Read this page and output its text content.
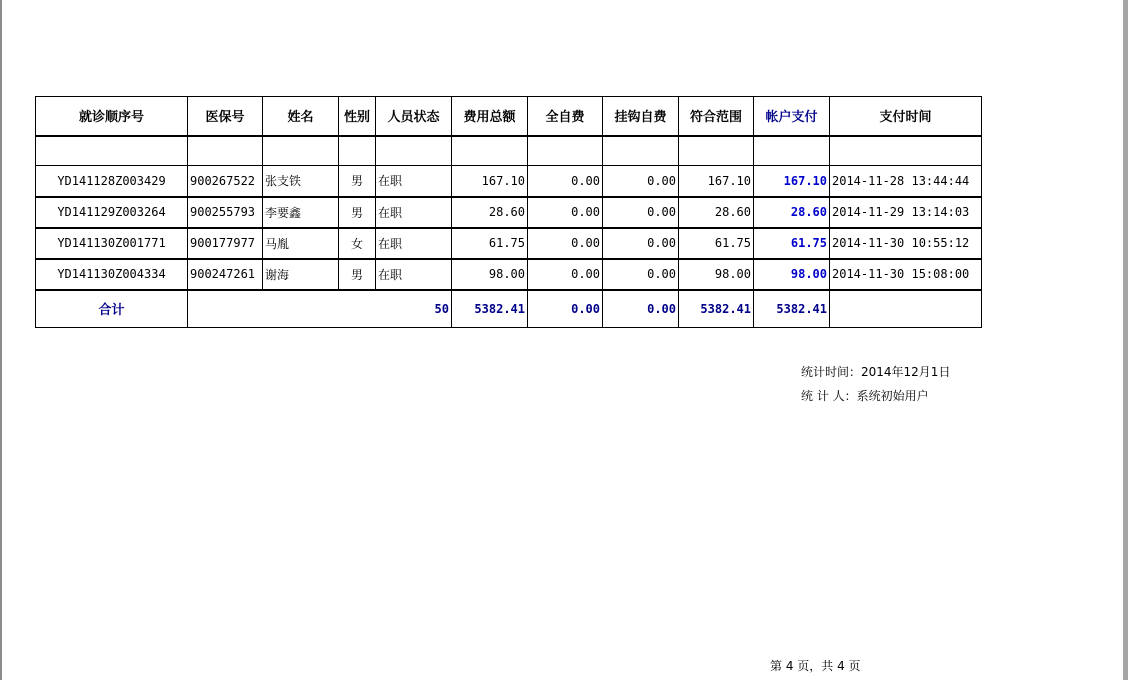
就诊顺序号	医保号	姓名	性别	人员状态	费用总额	全自费	挂钩自费	符合范围	帐户支付	支付时间

YD141128Z003429	900267522	张支铁	男	在职	167.10	0.00	0.00	167.10	167.10	2014-11-28 13:44:44
YD141129Z003264	900255793	李要鑫	男	在职	28.60	0.00	0.00	28.60	28.60	2014-11-29 13:14:03
YD141130Z001771	900177977	马胤	女	在职	61.75	0.00	0.00	61.75	61.75	2014-11-30 10:55:12
YD141130Z004334	900247261	谢海	男	在职	98.00	0.00	0.00	98.00	98.00	2014-11-30 15:08:00
合计	50				5382.41	0.00	0.00	5382.41	5382.41	
统计时间：2014年12月1日
统 计 人：系统初始用户
第 4 页，共 4 页
